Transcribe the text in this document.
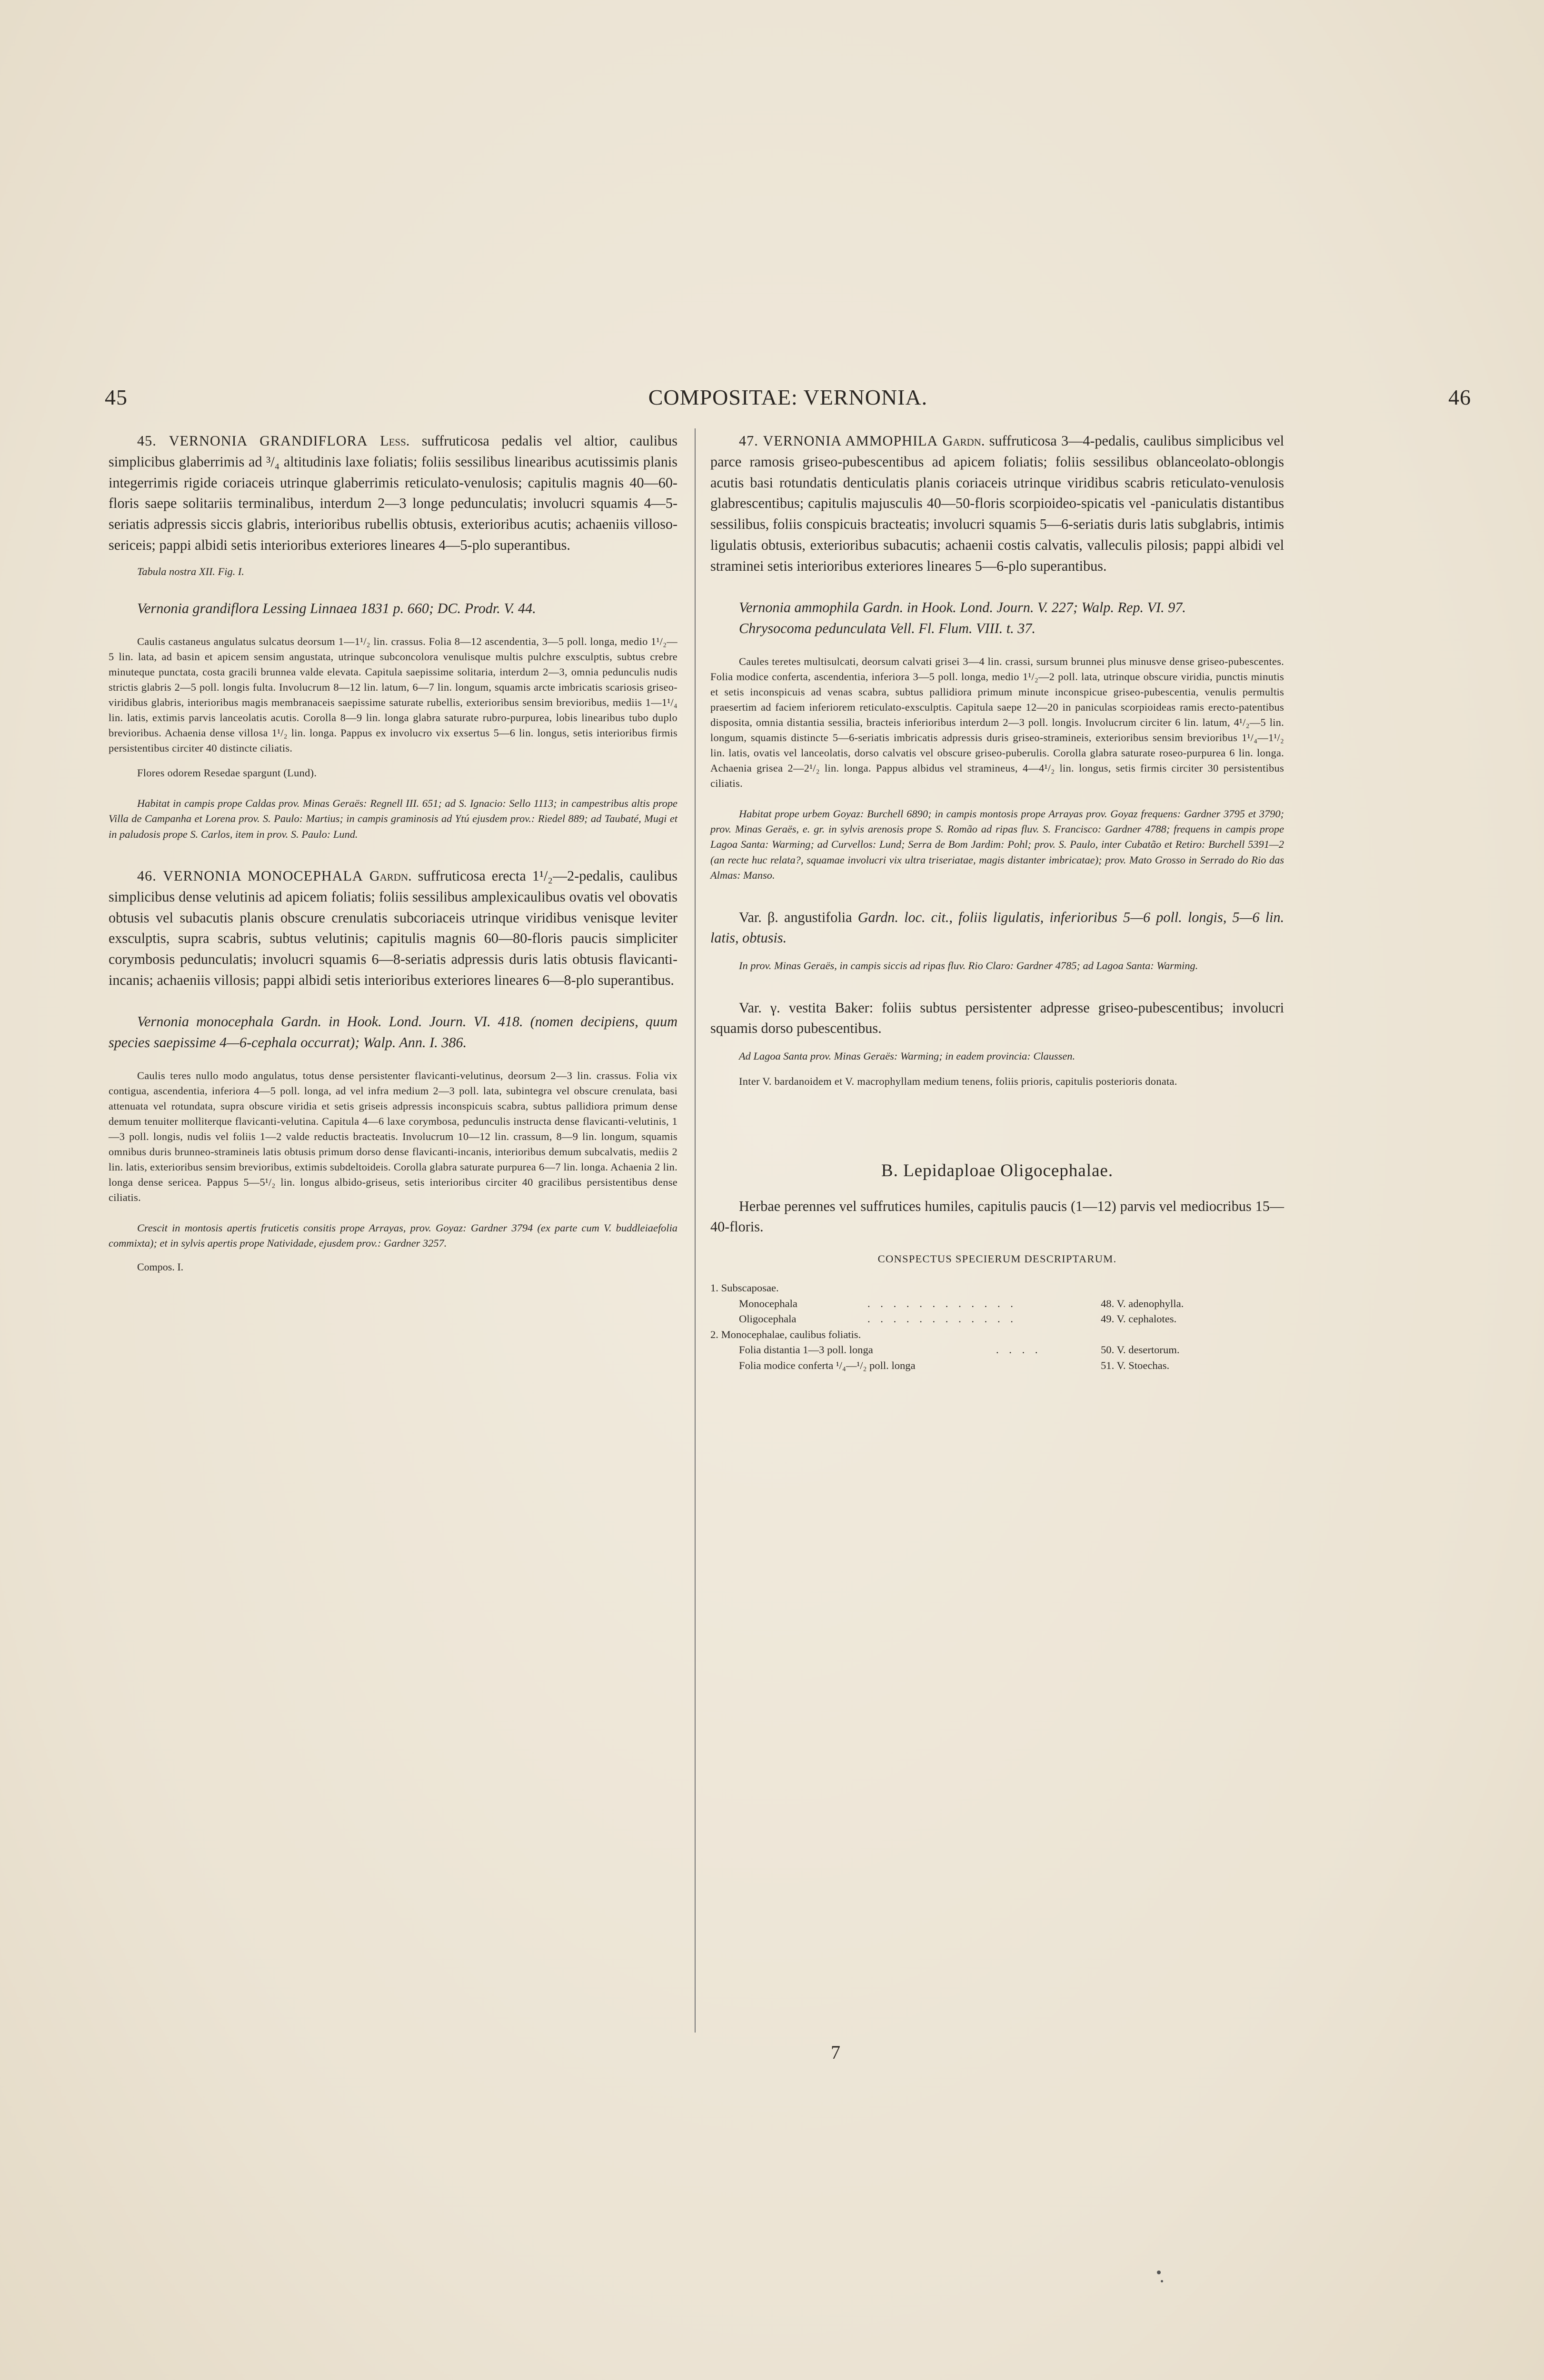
45	COMPOSITAE: VERNONIA.	46

45. VERNONIA GRANDIFLORA Less. suffruticosa pedalis vel altior, caulibus simplicibus glaberrimis ad ³/₄ altitudinis laxe foliatis; foliis sessilibus linearibus acutissimis planis integerrimis rigide coriaceis utrinque glaberrimis reticulato-venulosis; capitulis magnis 40—60-floris saepe solitariis terminalibus, interdum 2—3 longe pedunculatis; involucri squamis 4—5-seriatis adpressis siccis glabris, interioribus rubellis obtusis, exterioribus acutis; achaeniis villoso-sericeis; pappi albidi setis interioribus exteriores lineares 4—5-plo superantibus.

Tabula nostra XII. Fig. I.

Vernonia grandiflora Lessing Linnaea 1831 p. 660; DC. Prodr. V. 44.

Caulis castaneus angulatus sulcatus deorsum 1—1¹/₂ lin. crassus. Folia 8—12 ascendentia, 3—5 poll. longa, medio 1¹/₂—5 lin. lata, ad basin et apicem sensim angustata, utrinque subconcolora venulisque multis pulchre exsculptis, subtus crebre minuteque punctata, costa gracili brunnea valde elevata. Capitula saepissime solitaria, interdum 2—3, omnia pedunculis nudis strictis glabris 2—5 poll. longis fulta. Involucrum 8—12 lin. latum, 6—7 lin. longum, squamis arcte imbricatis scariosis griseo-viridibus glabris, interioribus magis membranaceis saepissime saturate rubellis, exterioribus sensim brevioribus, mediis 1—1¹/₄ lin. latis, extimis parvis lanceolatis acutis. Corolla 8—9 lin. longa glabra saturate rubro-purpurea, lobis linearibus tubo duplo brevioribus. Achaenia dense villosa 1¹/₂ lin. longa. Pappus ex involucro vix exsertus 5—6 lin. longus, setis interioribus firmis persistentibus circiter 40 distincte ciliatis.

Flores odorem Resedae spargunt (Lund).

Habitat in campis prope Caldas prov. Minas Geraës: Regnell III. 651; ad S. Ignacio: Sello 1113; in campestribus altis prope Villa de Campanha et Lorena prov. S. Paulo: Martius; in campis graminosis ad Ytú ejusdem prov.: Riedel 889; ad Taubaté, Mugi et in paludosis prope S. Carlos, item in prov. S. Paulo: Lund.

46. VERNONIA MONOCEPHALA Gardn. suffruticosa erecta 1¹/₂—2-pedalis, caulibus simplicibus dense velutinis ad apicem foliatis; foliis sessilibus amplexicaulibus ovatis vel obovatis obtusis vel subacutis planis obscure crenulatis subcoriaceis utrinque viridibus venisque leviter exsculptis, supra scabris, subtus velutinis; capitulis magnis 60—80-floris paucis simpliciter corymbosis pedunculatis; involucri squamis 6—8-seriatis adpressis duris latis obtusis flavicanti-incanis; achaeniis villosis; pappi albidi setis interioribus exteriores lineares 6—8-plo superantibus.

Vernonia monocephala Gardn. in Hook. Lond. Journ. VI. 418. (nomen decipiens, quum species saepissime 4—6-cephala occurrat); Walp. Ann. I. 386.

Caulis teres nullo modo angulatus, totus dense persistenter flavicanti-velutinus, deorsum 2—3 lin. crassus. Folia vix contigua, ascendentia, inferiora 4—5 poll. longa, ad vel infra medium 2—3 poll. lata, subintegra vel obscure crenulata, basi attenuata vel rotundata, supra obscure viridia et setis griseis adpressis inconspicuis scabra, subtus pallidiora primum dense demum tenuiter molliterque flavicanti-velutina. Capitula 4—6 laxe corymbosa, pedunculis instructa dense flavicanti-velutinis, 1—3 poll. longis, nudis vel foliis 1—2 valde reductis bracteatis. Involucrum 10—12 lin. crassum, 8—9 lin. longum, squamis omnibus duris brunneo-stramineis latis obtusis primum dorso dense flavicanti-incanis, interioribus demum subcalvatis, mediis 2 lin. latis, exterioribus sensim brevioribus, extimis subdeltoideis. Corolla glabra saturate purpurea 6—7 lin. longa. Achaenia 2 lin. longa dense sericea. Pappus 5—5¹/₂ lin. longus albido-griseus, setis interioribus circiter 40 gracilibus persistentibus dense ciliatis.

Crescit in montosis apertis fruticetis consitis prope Arrayas, prov. Goyaz: Gardner 3794 (ex parte cum V. buddleiaefolia commixta); et in sylvis apertis prope Natividade, ejusdem prov.: Gardner 3257.

Compos. I.

47. VERNONIA AMMOPHILA Gardn. suffruticosa 3—4-pedalis, caulibus simplicibus vel parce ramosis griseo-pubescentibus ad apicem foliatis; foliis sessilibus oblanceolato-oblongis acutis basi rotundatis denticulatis planis coriaceis utrinque viridibus scabris reticulato-venulosis glabrescentibus; capitulis majusculis 40—50-floris scorpioideo-spicatis vel -paniculatis distantibus sessilibus, foliis conspicuis bracteatis; involucri squamis 5—6-seriatis duris latis subglabris, intimis ligulatis obtusis, exterioribus subacutis; achaenii costis calvatis, valleculis pilosis; pappi albidi vel straminei setis interioribus exteriores lineares 5—6-plo superantibus.

Vernonia ammophila Gardn. in Hook. Lond. Journ. V. 227; Walp. Rep. VI. 97.

Chrysocoma pedunculata Vell. Fl. Flum. VIII. t. 37.

Caules teretes multisulcati, deorsum calvati grisei 3—4 lin. crassi, sursum brunnei plus minusve dense griseo-pubescentes. Folia modice conferta, ascendentia, inferiora 3—5 poll. longa, medio 1¹/₂—2 poll. lata, utrinque obscure viridia, punctis minutis et setis inconspicuis ad venas scabra, subtus pallidiora primum minute inconspicue griseo-pubescentia, venulis permultis praesertim ad faciem inferiorem reticulato-exsculptis. Capitula saepe 12—20 in paniculas scorpioideas ramis erecto-patentibus disposita, omnia distantia sessilia, bracteis inferioribus interdum 2—3 poll. longis. Involucrum circiter 6 lin. latum, 4¹/₂—5 lin. longum, squamis distincte 5—6-seriatis imbricatis adpressis duris griseo-stramineis, exterioribus sensim brevioribus 1¹/₄—1¹/₂ lin. latis, ovatis vel lanceolatis, dorso calvatis vel obscure griseo-puberulis. Corolla glabra saturate roseo-purpurea 6 lin. longa. Achaenia grisea 2—2¹/₂ lin. longa. Pappus albidus vel stramineus, 4—4¹/₂ lin. longus, setis firmis circiter 30 persistentibus ciliatis.

Habitat prope urbem Goyaz: Burchell 6890; in campis montosis prope Arrayas prov. Goyaz frequens: Gardner 3795 et 3790; prov. Minas Geraës, e. gr. in sylvis arenosis prope S. Romão ad ripas fluv. S. Francisco: Gardner 4788; frequens in campis prope Lagoa Santa: Warming; ad Curvellos: Lund; Serra de Bom Jardim: Pohl; prov. S. Paulo, inter Cubatão et Retiro: Burchell 5391—2 (an recte huc relata?, squamae involucri vix ultra triseriatae, magis distanter imbricatae); prov. Mato Grosso in Serrado do Rio das Almas: Manso.

Var. β. angustifolia Gardn. loc. cit., foliis ligulatis, inferioribus 5—6 poll. longis, 5—6 lin. latis, obtusis.

In prov. Minas Geraës, in campis siccis ad ripas fluv. Rio Claro: Gardner 4785; ad Lagoa Santa: Warming.

Var. γ. vestita Baker: foliis subtus persistenter adpresse griseo-pubescentibus; involucri squamis dorso pubescentibus.

Ad Lagoa Santa prov. Minas Geraës: Warming; in eadem provincia: Claussen.

Inter V. bardanoidem et V. macrophyllam medium tenens, foliis prioris, capitulis posterioris donata.

B. Lepidaploae Oligocephalae.

Herbae perennes vel suffrutices humiles, capitulis paucis (1—12) parvis vel mediocribus 15—40-floris.

CONSPECTUS SPECIERUM DESCRIPTARUM.

1. Subscaposae.
Monocephala	. . . . . . . . . . . .	48. V. adenophylla.
Oligocephala	. . . . . . . . . . . .	49. V. cephalotes.
2. Monocephalae, caulibus foliatis.
Folia distantia 1—3 poll. longa	. . . .	50. V. desertorum.
Folia modice conferta ¹/₄—¹/₂ poll. longa	51. V. Stoechas.
7
